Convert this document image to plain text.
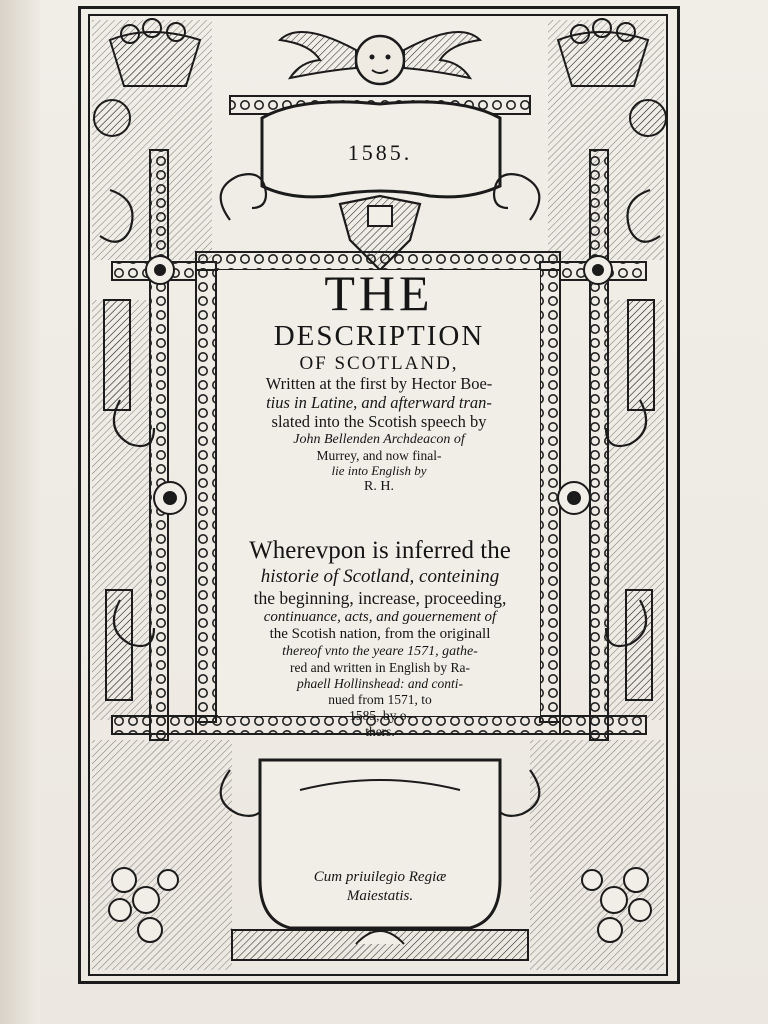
1585.
THE
DESCRIPTION
OF SCOTLAND,
Written at the first by Hector Boe-
tius in Latine, and afterward tran-
slated into the Scotish speech by
John Bellenden Archdeacon of
Murrey, and now final-
lie into English by
R. H.
Wherevpon is inferred the
historie of Scotland, conteining
the beginning, increase, proceeding,
continuance, acts, and gouernement of
the Scotish nation, from the originall
thereof vnto the yeare 1571, gathe-
red and written in English by Ra-
phaell Hollinshead: and conti-
nued from 1571, to
1585, by o-
thers.
Cum priuilegio Regiæ
Maiestatis.
